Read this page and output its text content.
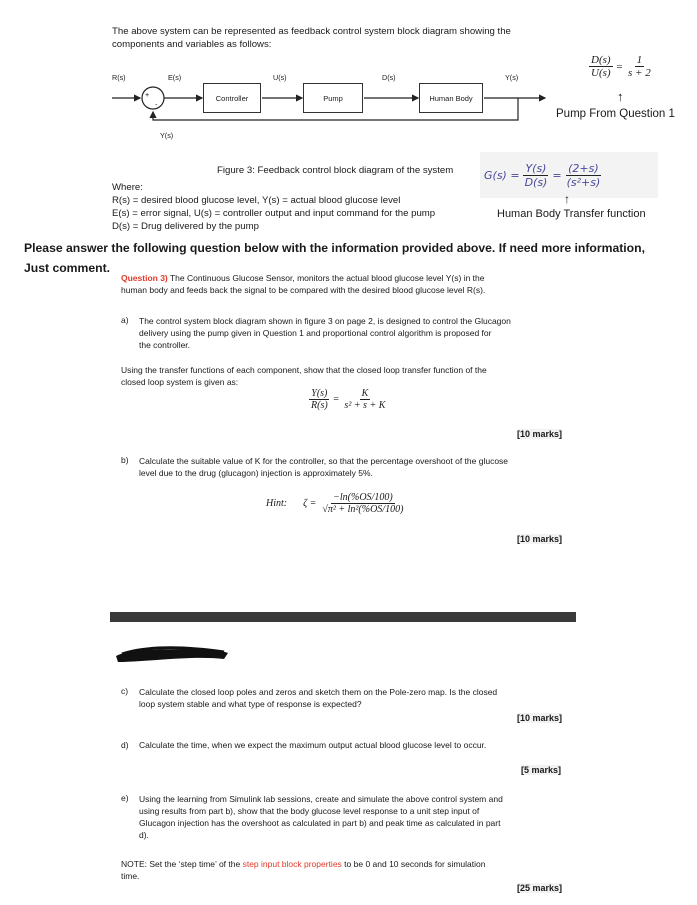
The above system can be represented as feedback control system block diagram showing the
components and variables as follows:
R(s)	E(s)	U(s)	D(s)	Y(s)
Y(s)
+
-
Controller	Pump	Human Body
$\frac{D(s)}{U(s)} = \frac{1}{s + 2}$
↑
Pump From Question 1
Figure 3: Feedback control block diagram of the system	$G(s) = \frac{Y(s)}{D(s)} = \frac{(2+s)}{\text{(s²+s)}}$
↑
Human Body Transfer function
Where:
R(s) = desired blood glucose level, Y(s) = actual blood glucose level
E(s) = error signal, U(s) = controller output and input command for the pump
D(s) = Drug delivered by the pump
Please answer the following question below with the information provided above. If need more information,
Just comment.
Question 3) The Continuous Glucose Sensor, monitors the actual blood glucose level Y(s) in the
human body and feeds back the signal to be compared with the desired blood glucose level R(s).
a) The control system block diagram shown in figure 3 on page 2, is designed to control the Glucagon
delivery using the pump given in Question 1 and proportional control algorithm is proposed for
the controller.
Using the transfer functions of each component, show that the closed loop transfer function of the
closed loop system is given as:
$\frac{Y(s)}{R(s)} = \frac{K}{\text{s² + s + K}}$
[10 marks]
b) Calculate the suitable value of K for the controller, so that the percentage overshoot of the glucose
level due to the drug (glucagon) injection is approximately 5%.
Hint: $\zeta = \frac{-\ln(\%OS/100)}{\text{√π² + ln²(\%OS/100)}}$
[10 marks]
c) Calculate the closed loop poles and zeros and sketch them on the Pole-zero map. Is the closed
loop system stable and what type of response is expected?
[10 marks]
d) Calculate the time, when we expect the maximum output actual blood glucose level to occur.
[5 marks]
e) Using the learning from Simulink lab sessions, create and simulate the above control system and
using results from part b), show that the body glucose level response to a unit step input of
Glucagon injection has the overshoot as calculated in part b) and peak time as calculated in part
d).
NOTE: Set the ‘step time’ of the step input block properties to be 0 and 10 seconds for simulation
time.
[25 marks]
